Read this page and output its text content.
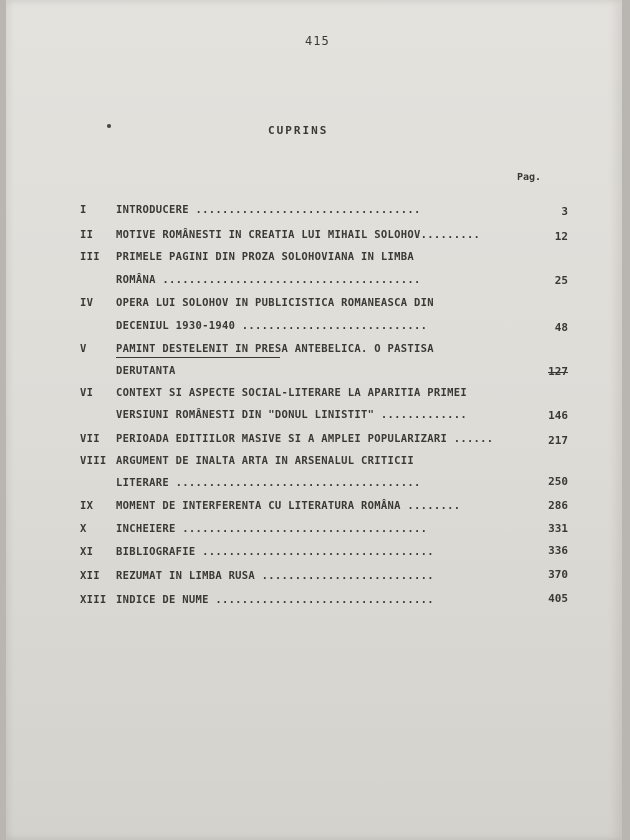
415
CUPRINS
Pag.
I	INTRODUCERE ..................................	3
II	MOTIVE ROMÂNESTI IN CREATIA LUI MIHAIL SOLOHOV.........	12
III	PRIMELE PAGINI DIN PROZA SOLOHOVIANA IN LIMBA
ROMÂNA .......................................	25
IV	OPERA LUI SOLOHOV IN PUBLICISTICA ROMANEASCA DIN
DECENIUL 1930-1940 ............................	48
V	PAMINT DESTELENIT IN PRESA ANTEBELICA. O PASTISA
DERUTANTA	127
VI	CONTEXT SI ASPECTE SOCIAL-LITERARE LA APARITIA PRIMEI
VERSIUNI ROMÂNESTI DIN "DONUL LINISTIT" .............	146
VII	PERIOADA EDITIILOR MASIVE SI A AMPLEI POPULARIZARI ......	217
VIII ARGUMENT DE INALTA ARTA IN ARSENALUL CRITICII
LITERARE .....................................	250
IX	MOMENT DE INTERFERENTA CU LITERATURA ROMÂNA ........	286
X	INCHEIERE .....................................	331
XI	BIBLIOGRAFIE ...................................	336
XII	REZUMAT IN LIMBA RUSA ..........................	370
XIII INDICE DE NUME .................................	405
